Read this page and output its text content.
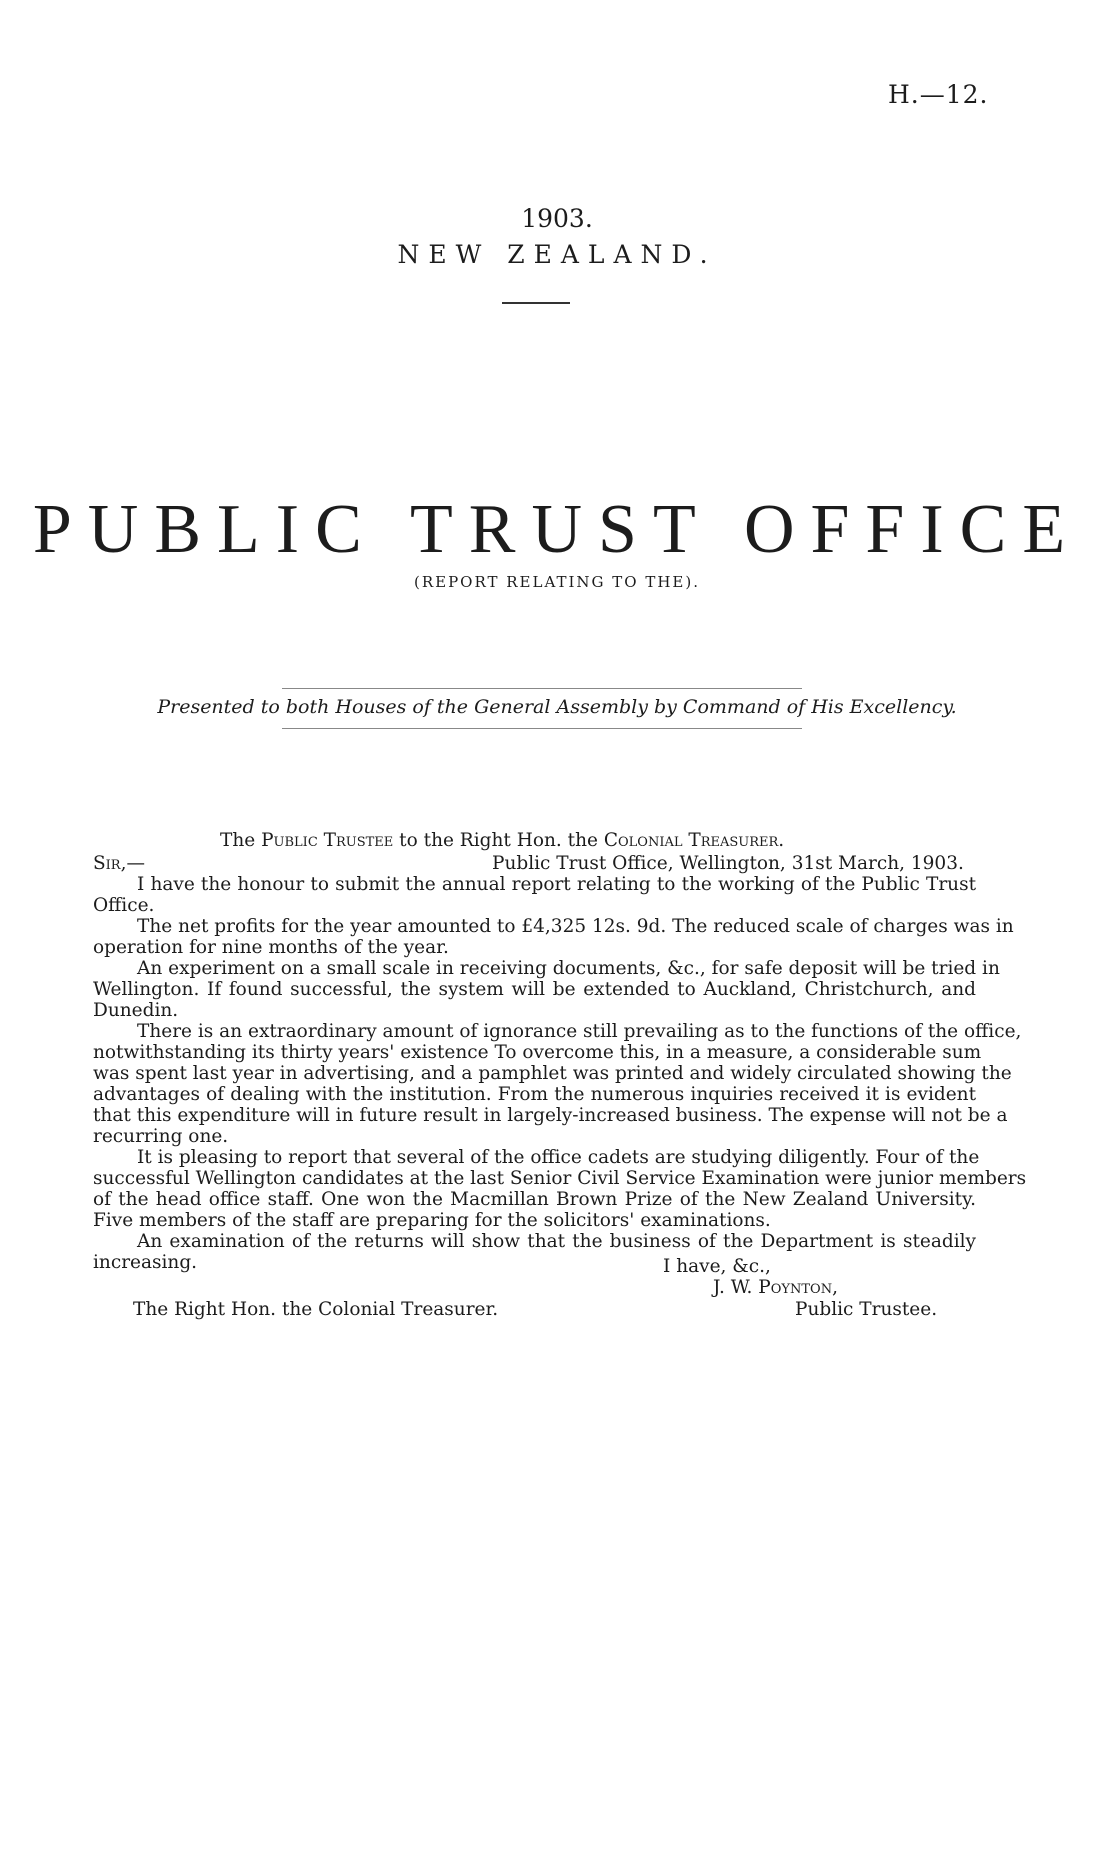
H.—12.
1903.
NEW ZEALAND.
PUBLIC TRUST OFFICE
(REPORT RELATING TO THE).
Presented to both Houses of the General Assembly by Command of His Excellency.
The Public Trustee to the Right Hon. the Colonial Treasurer.
Sir,—	Public Trust Office, Wellington, 31st March, 1903.
I have the honour to submit the annual report relating to the working of the Public Trust
Office.
The net profits for the year amounted to £4,325 12s. 9d. The reduced scale of charges was in
operation for nine months of the year.
An experiment on a small scale in receiving documents, &c., for safe deposit will be tried in
Wellington. If found successful, the system will be extended to Auckland, Christchurch, and
Dunedin.
There is an extraordinary amount of ignorance still prevailing as to the functions of the office,
notwithstanding its thirty years' existence To overcome this, in a measure, a considerable sum
was spent last year in advertising, and a pamphlet was printed and widely circulated showing the
advantages of dealing with the institution. From the numerous inquiries received it is evident
that this expenditure will in future result in largely-increased business. The expense will not be a
recurring one.
It is pleasing to report that several of the office cadets are studying diligently. Four of the
successful Wellington candidates at the last Senior Civil Service Examination were junior members
of the head office staff. One won the Macmillan Brown Prize of the New Zealand University.
Five members of the staff are preparing for the solicitors' examinations.
An examination of the returns will show that the business of the Department is steadily
increasing.	I have, &c.,
J. W. Poynton,
Public Trustee.
The Right Hon. the Colonial Treasurer.
